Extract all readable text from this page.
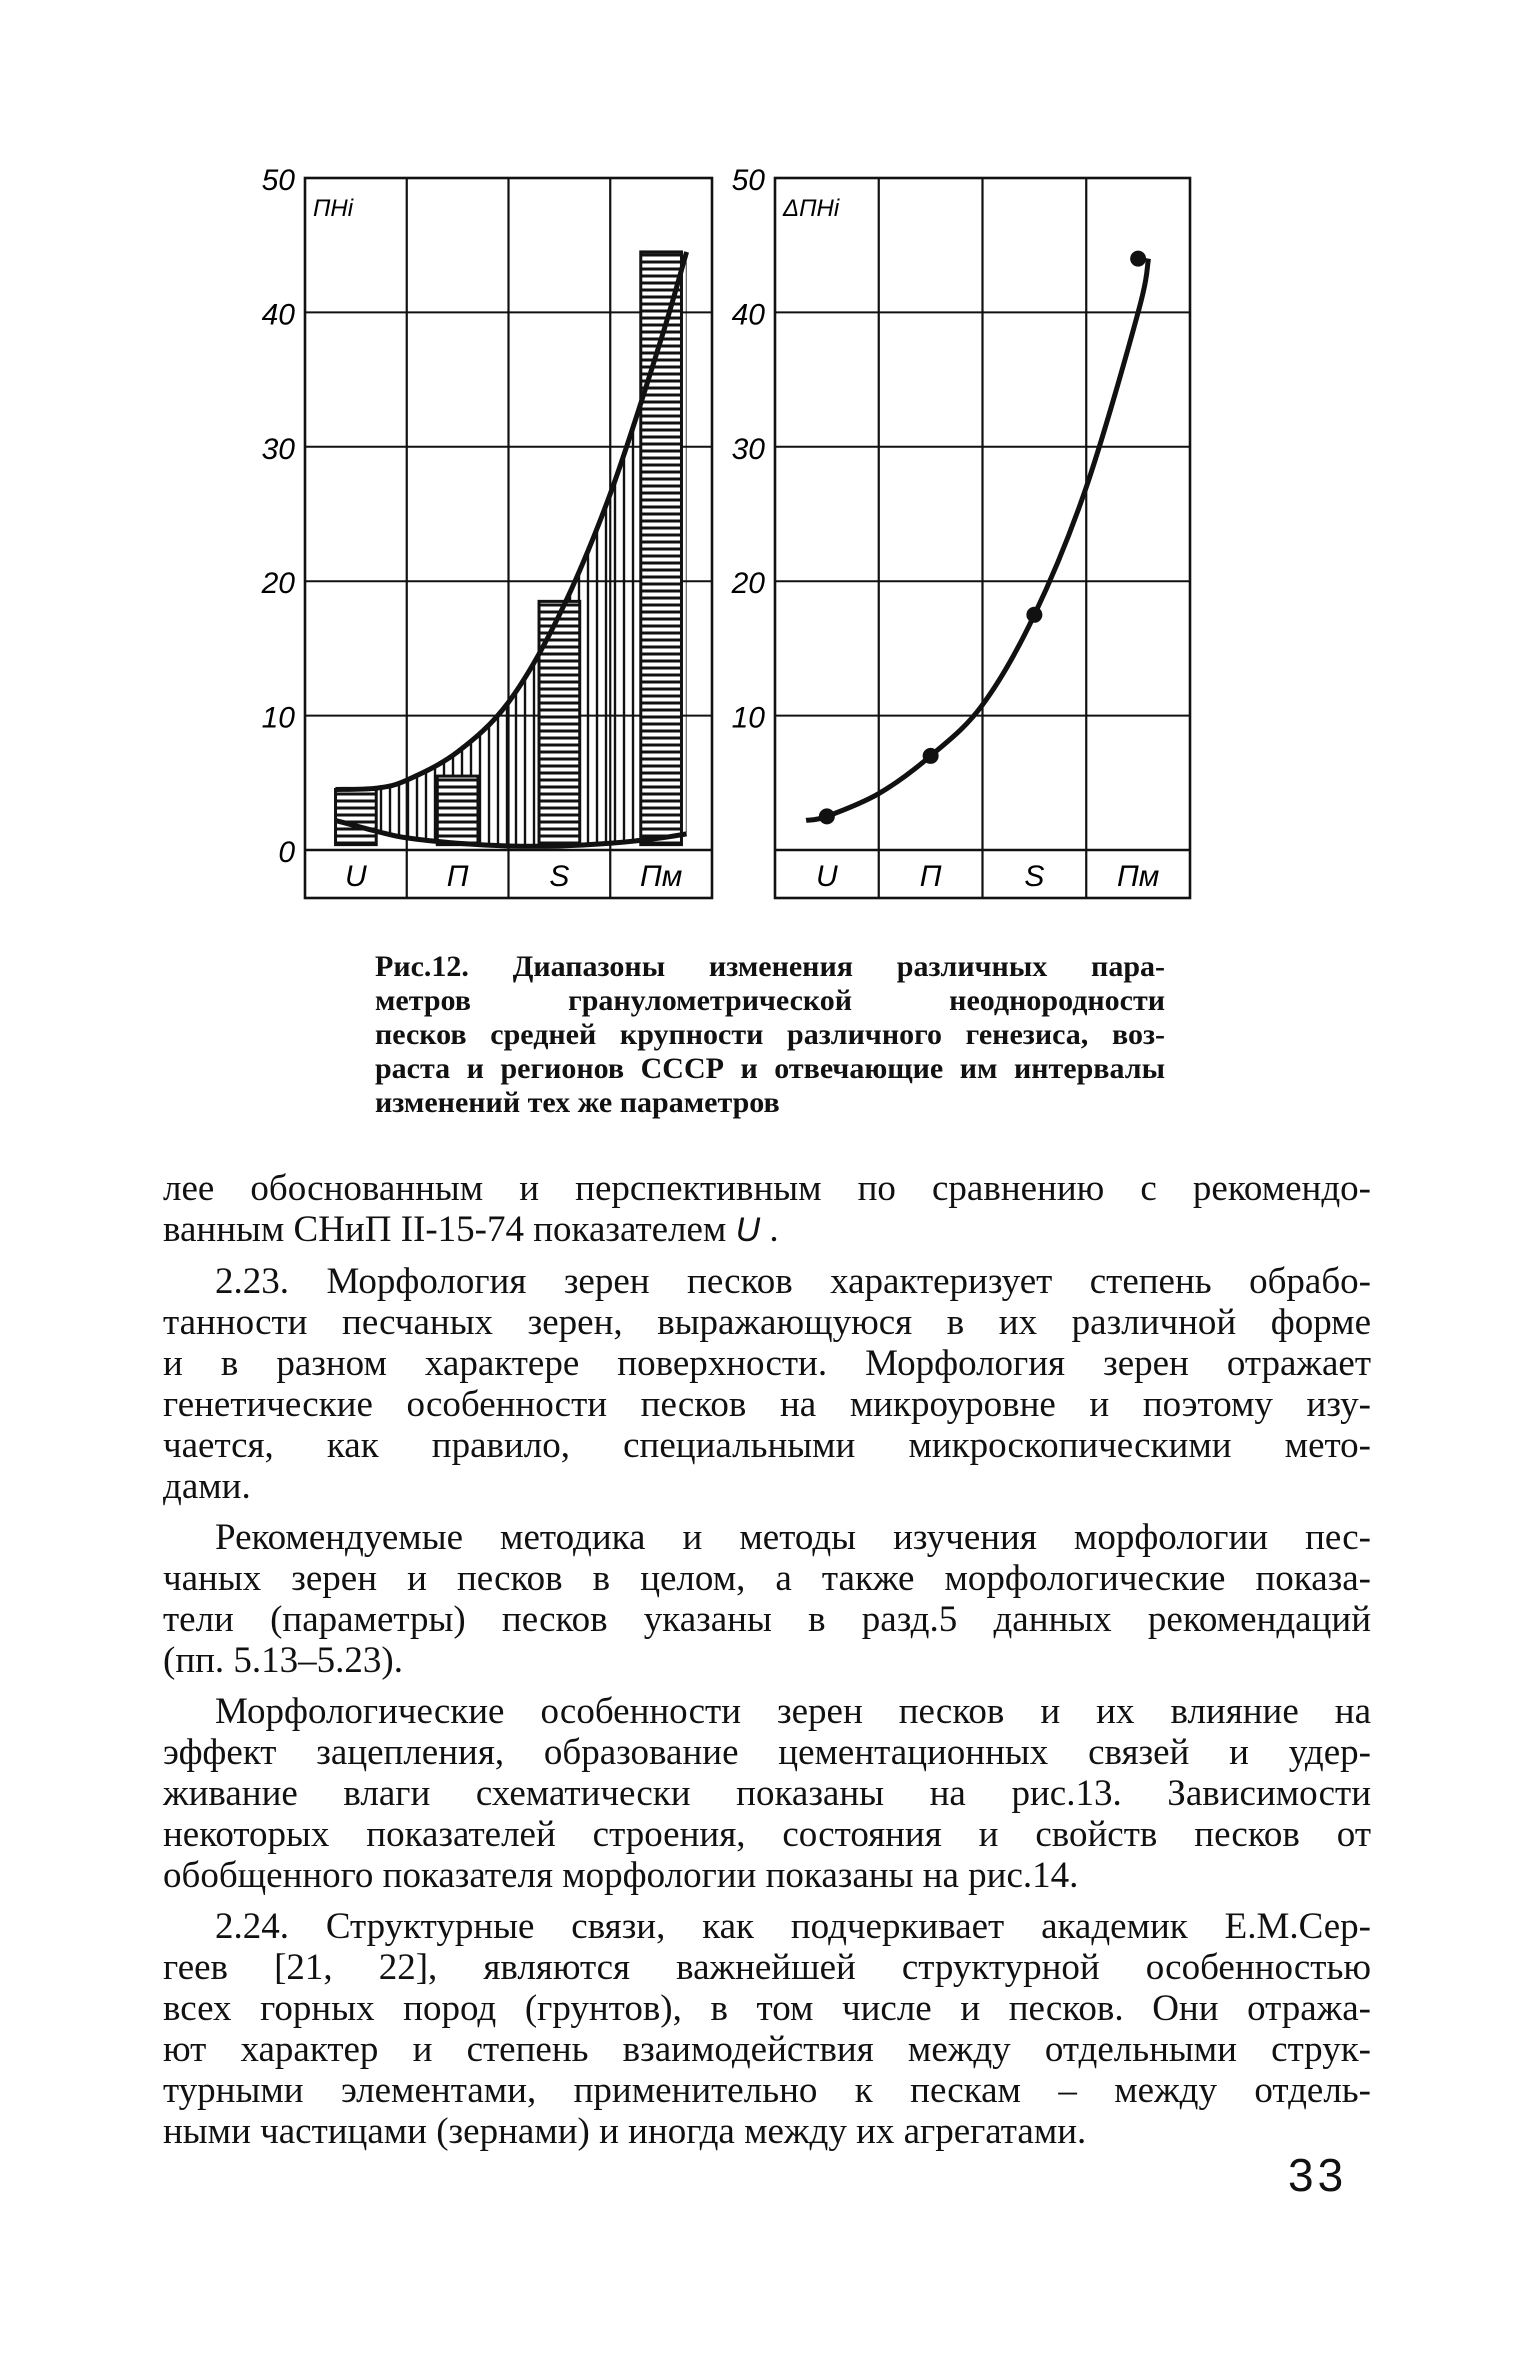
0
10
20
30
40
50
ПНi
U	П	S Пм
10
20
30
40
50
ΔПНi
U	П	S Пм
Рис.12. Диапазоны изменения различных пара-
метров гранулометрической неоднородности
песков средней крупности различного генезиса, воз-
раста и регионов СССР и отвечающие им интервалы
изменений тех же параметров
лее обоснованным и перспективным по сравнению с рекомендо-
ванным СНиП II-15-74 показателем U .
2.23. Морфология зерен песков характеризует степень обрабо-
танности песчаных зерен, выражающуюся в их различной форме
и в разном характере поверхности. Морфология зерен отражает
генетические особенности песков на микроуровне и поэтому изу-
чается, как правило, специальными микроскопическими мето-
дами.
Рекомендуемые методика и методы изучения морфологии пес-
чаных зерен и песков в целом, а также морфологические показа-
тели (параметры) песков указаны в разд.5 данных рекомендаций
(пп. 5.13–5.23).
Морфологические особенности зерен песков и их влияние на
эффект зацепления, образование цементационных связей и удер-
живание влаги схематически показаны на рис.13. Зависимости
некоторых показателей строения, состояния и свойств песков от
обобщенного показателя морфологии показаны на рис.14.
2.24. Структурные связи, как подчеркивает академик Е.М.Сер-
геев [21, 22], являются важнейшей структурной особенностью
всех горных пород (грунтов), в том числе и песков. Они отража-
ют характер и степень взаимодействия между отдельными струк-
турными элементами, применительно к пескам – между отдель-
ными частицами (зернами) и иногда между их агрегатами.
33
